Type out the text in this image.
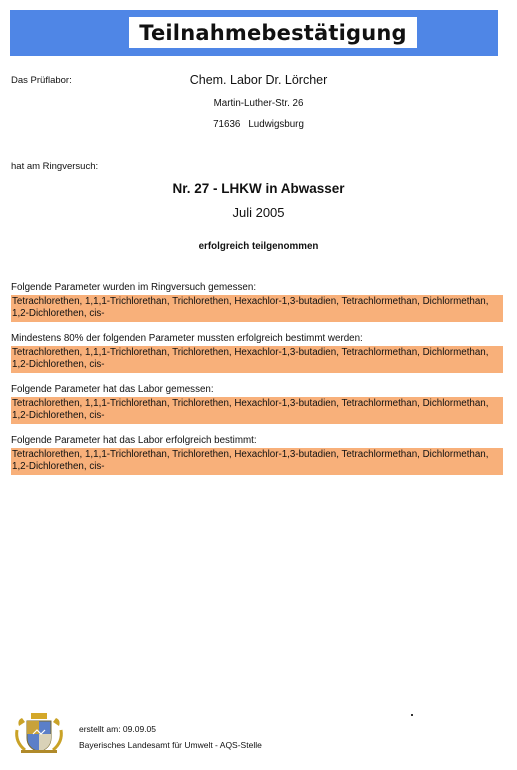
Teilnahmebestätigung
Das Prüflabor:	Chem. Labor Dr. Lörcher
Martin-Luther-Str. 26
71636 Ludwigsburg
hat am Ringversuch:
Nr. 27 - LHKW in Abwasser
Juli 2005
erfolgreich teilgenommen
Folgende Parameter wurden im Ringversuch gemessen:
Tetrachlorethen, 1,1,1-Trichlorethan, Trichlorethen, Hexachlor-1,3-butadien, Tetrachlormethan, Dichlormethan, 1,2-Dichlorethen, cis-
Mindestens 80% der folgenden Parameter mussten erfolgreich bestimmt werden:
Tetrachlorethen, 1,1,1-Trichlorethan, Trichlorethen, Hexachlor-1,3-butadien, Tetrachlormethan, Dichlormethan, 1,2-Dichlorethen, cis-
Folgende Parameter hat das Labor gemessen:
Tetrachlorethen, 1,1,1-Trichlorethan, Trichlorethen, Hexachlor-1,3-butadien, Tetrachlormethan, Dichlormethan, 1,2-Dichlorethen, cis-
Folgende Parameter hat das Labor erfolgreich bestimmt:
Tetrachlorethen, 1,1,1-Trichlorethan, Trichlorethen, Hexachlor-1,3-butadien, Tetrachlormethan, Dichlormethan, 1,2-Dichlorethen, cis-
erstellt am: 09.09.05
Bayerisches Landesamt für Umwelt - AQS-Stelle
